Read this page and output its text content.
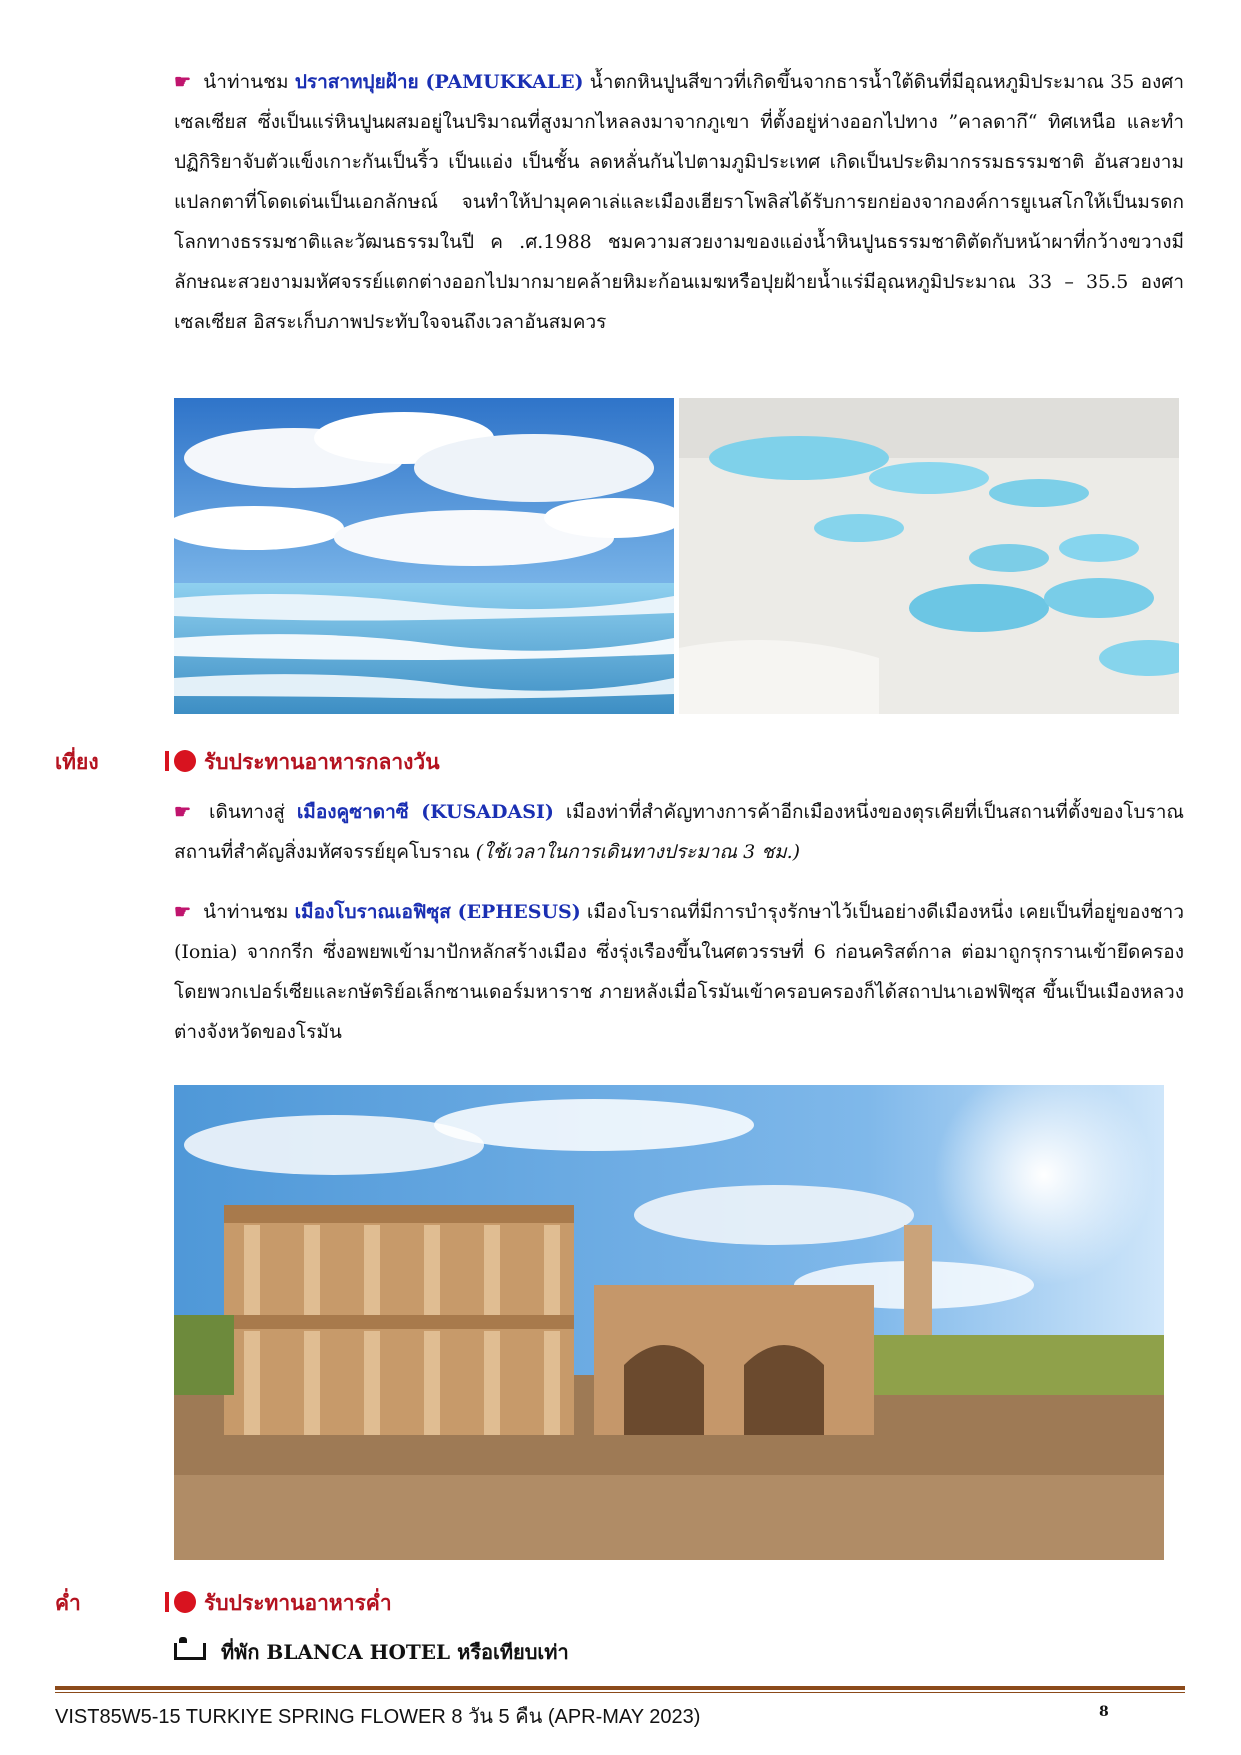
☛ นำท่านชม ปราสาทปุยฝ้าย (PAMUKKALE) น้ำตกหินปูนสีขาวที่เกิดขึ้นจากธารน้ำใต้ดินที่มีอุณหภูมิประมาณ 35 องศาเซลเซียส ซึ่งเป็นแร่หินปูนผสมอยู่ในปริมาณที่สูงมากไหลลงมาจากภูเขา ที่ตั้งอยู่ห่างออกไปทาง ”คาลดากึ“ ทิศเหนือ และทำปฏิกิริยาจับตัวแข็งเกาะกันเป็นริ้ว เป็นแอ่ง เป็นชั้น ลดหลั่นกันไปตามภูมิประเทศ เกิดเป็นประติมากรรมธรรมชาติ อันสวยงามแปลกตาที่โดดเด่นเป็นเอกลักษณ์ จนทำให้ปามุคคาเล่และเมืองเฮียราโพลิสได้รับการยกย่องจากองค์การยูเนสโกให้เป็นมรดกโลกทางธรรมชาติและวัฒนธรรมในปี ค .ศ.1988 ชมความสวยงามของแอ่งน้ำหินปูนธรรมชาติตัดกับหน้าผาที่กว้างขวางมีลักษณะสวยงามมหัศจรรย์แตกต่างออกไปมากมายคล้ายหิมะก้อนเมฆหรือปุยฝ้ายน้ำแร่มีอุณหภูมิประมาณ 33 – 35.5 องศาเซลเซียส อิสระเก็บภาพประทับใจจนถึงเวลาอันสมควร
เที่ยง	รับประทานอาหารกลางวัน
☛ เดินทางสู่ เมืองคูซาดาซี (KUSADASI) เมืองท่าที่สำคัญทางการค้าอีกเมืองหนึ่งของตุรเคียที่เป็นสถานที่ตั้งของโบราณสถานที่สำคัญสิ่งมหัศจรรย์ยุคโบราณ (ใช้เวลาในการเดินทางประมาณ 3 ชม.)
☛ นำท่านชม เมืองโบราณเอฟิซุส (EPHESUS) เมืองโบราณที่มีการบำรุงรักษาไว้เป็นอย่างดีเมืองหนึ่ง เคยเป็นที่อยู่ของชาว (Ionia) จากกรีก ซึ่งอพยพเข้ามาปักหลักสร้างเมือง ซึ่งรุ่งเรืองขึ้นในศตวรรษที่ 6 ก่อนคริสต์กาล ต่อมาถูกรุกรานเข้ายึดครองโดยพวกเปอร์เซียและกษัตริย์อเล็กซานเดอร์มหาราช ภายหลังเมื่อโรมันเข้าครอบครองก็ได้สถาปนาเอฟฟิซุส ขึ้นเป็นเมืองหลวงต่างจังหวัดของโรมัน
ค่ำ	รับประทานอาหารค่ำ
ที่พัก BLANCA HOTEL หรือเทียบเท่า
VIST85W5-15 TURKIYE SPRING FLOWER 8 วัน 5 คืน (APR-MAY 2023)	8
